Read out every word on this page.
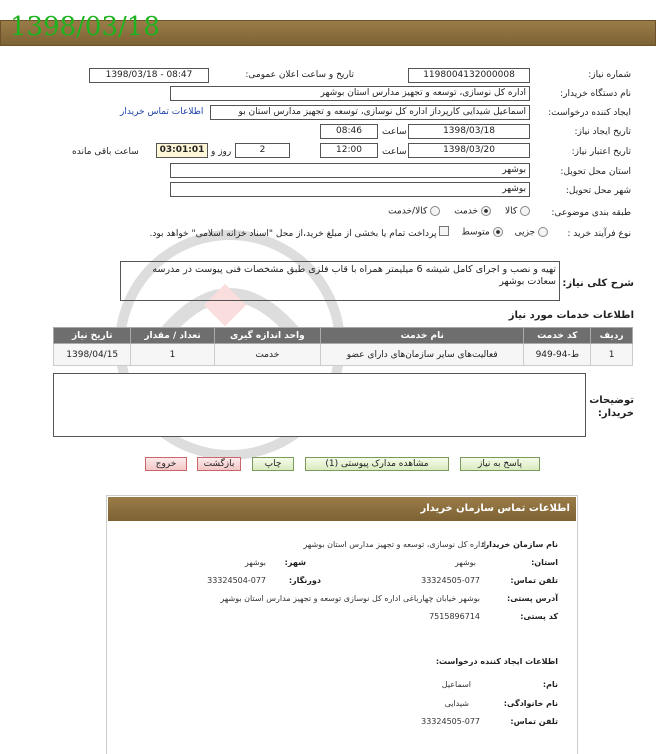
جزئیات اطلاعات نیاز
1398/03/18
شماره نیاز:
1198004132000008
تاریخ و ساعت اعلان عمومی:
1398/03/18 - 08:47
نام دستگاه خریدار:
اداره کل نوسازی، توسعه و تجهیز مدارس استان بوشهر
ایجاد کننده درخواست:
اسماعیل شیدایی کارپرداز اداره کل نوسازی، توسعه و تجهیز مدارس استان بو
اطلاعات تماس خریدار
تاریخ ایجاد نیاز:
1398/03/18
ساعت
08:46
تاریخ اعتبار نیاز:
1398/03/20
ساعت
12:00
2
روز و
03:01:01
ساعت باقی مانده
استان محل تحویل:
بوشهر
شهر محل تحویل:
بوشهر
طبقه بندی موضوعی:
کالا
خدمت
کالا/خدمت
نوع فرآیند خرید :
جزیی
متوسط
پرداخت تمام یا بخشی از مبلغ خرید،از محل "اسناد خزانه اسلامی" خواهد بود.
شرح کلی نیاز:
تهیه و نصب و اجرای کامل شیشه 6 میلیمتر همراه با قاب فلزی طبق مشخصات فنی پیوست در مدرسه سعادت بوشهر
اطلاعات خدمات مورد نیاز
ردیف	کد خدمت	نام خدمت	واحد اندازه گیری	تعداد / مقدار	تاریخ نیاز
1	ط-94-949	فعالیت‌های سایر سازمان‌های دارای عضو	خدمت	1	1398/04/15
توضیحات خریدار:
پاسخ به نیاز
مشاهده مدارک پیوستی (1)
چاپ
بازگشت
خروج
اطلاعات تماس سازمان خریدار
نام سازمان خریدار:
اداره کل نوسازی، توسعه و تجهیز مدارس استان بوشهر
استان:
بوشهر
شهر:
بوشهر
تلفن تماس:
33324505-077
دورنگار:
33324504-077
آدرس پستی:
بوشهر خیابان چهارباغی اداره کل نوسازی توسعه و تجهیز مدارس استان بوشهر
کد پستی:
7515896714
اطلاعات ایجاد کننده درخواست:
نام:
اسماعیل
نام خانوادگی:
شیدایی
تلفن تماس:
33324505-077
